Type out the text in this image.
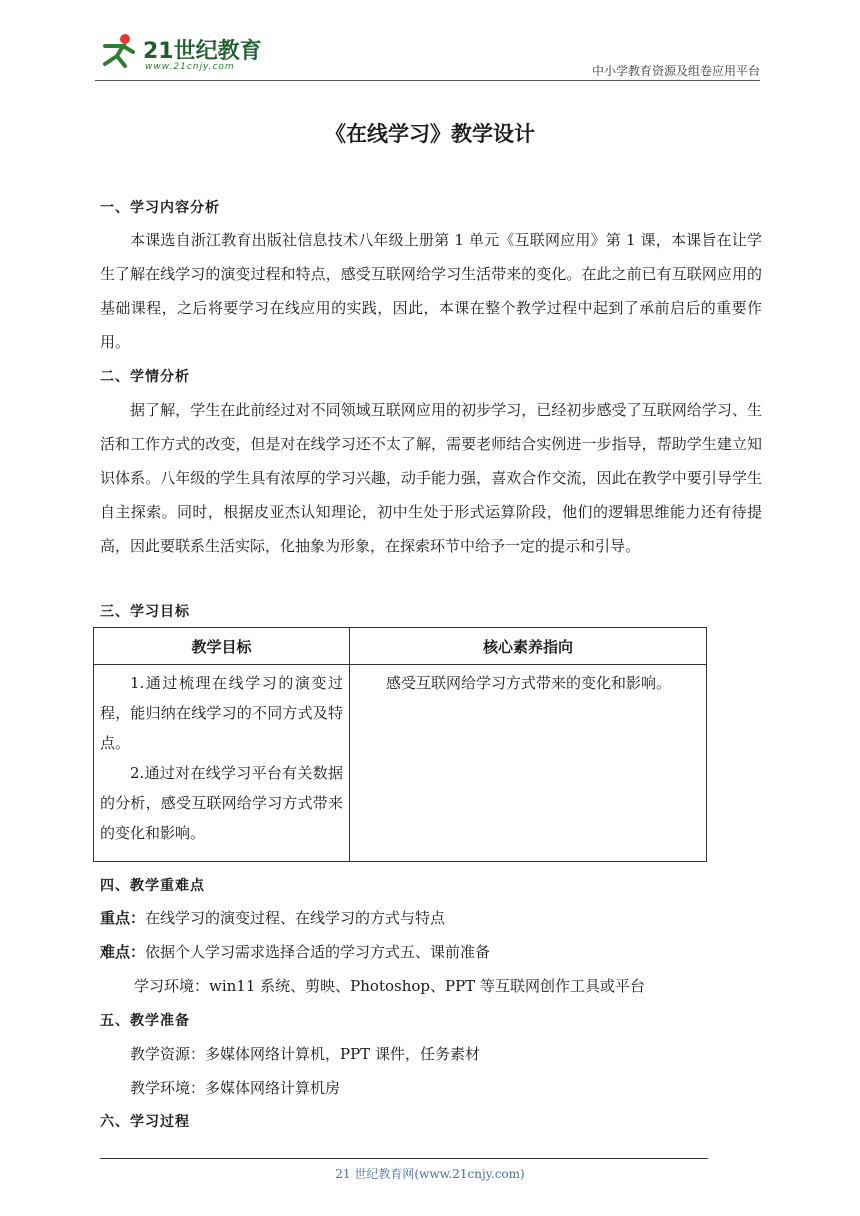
21世纪教育
www.21cnjy.com	中小学教育资源及组卷应用平台
《在线学习》教学设计
一、学习内容分析

本课选自浙江教育出版社信息技术八年级上册第 1 单元《互联网应用》第 1 课，本课旨在让学生了解在线学习的演变过程和特点，感受互联网给学习生活带来的变化。在此之前已有互联网应用的基础课程，之后将要学习在线应用的实践，因此，本课在整个教学过程中起到了承前启后的重要作用。

二、学情分析

据了解，学生在此前经过对不同领域互联网应用的初步学习，已经初步感受了互联网给学习、生活和工作方式的改变，但是对在线学习还不太了解，需要老师结合实例进一步指导，帮助学生建立知识体系。八年级的学生具有浓厚的学习兴趣，动手能力强，喜欢合作交流，因此在教学中要引导学生自主探索。同时，根据皮亚杰认知理论，初中生处于形式运算阶段，他们的逻辑思维能力还有待提高，因此要联系生活实际，化抽象为形象，在探索环节中给予一定的提示和引导。

三、学习目标
教学目标	核心素养指向

1.通过梳理在线学习的演变过程，能归纳在线学习的不同方式及特点。

2.通过对在线学习平台有关数据的分析，感受互联网给学习方式带来的变化和影响。	感受互联网给学习方式带来的变化和影响。

四、教学重难点
重点：在线学习的演变过程、在线学习的方式与特点
难点：依据个人学习需求选择合适的学习方式五、课前准备
学习环境：win11 系统、剪映、Photoshop、PPT 等互联网创作工具或平台
五、教学准备
教学资源：多媒体网络计算机，PPT 课件，任务素材
教学环境：多媒体网络计算机房
六、学习过程
21 世纪教育网(www.21cnjy.com)
